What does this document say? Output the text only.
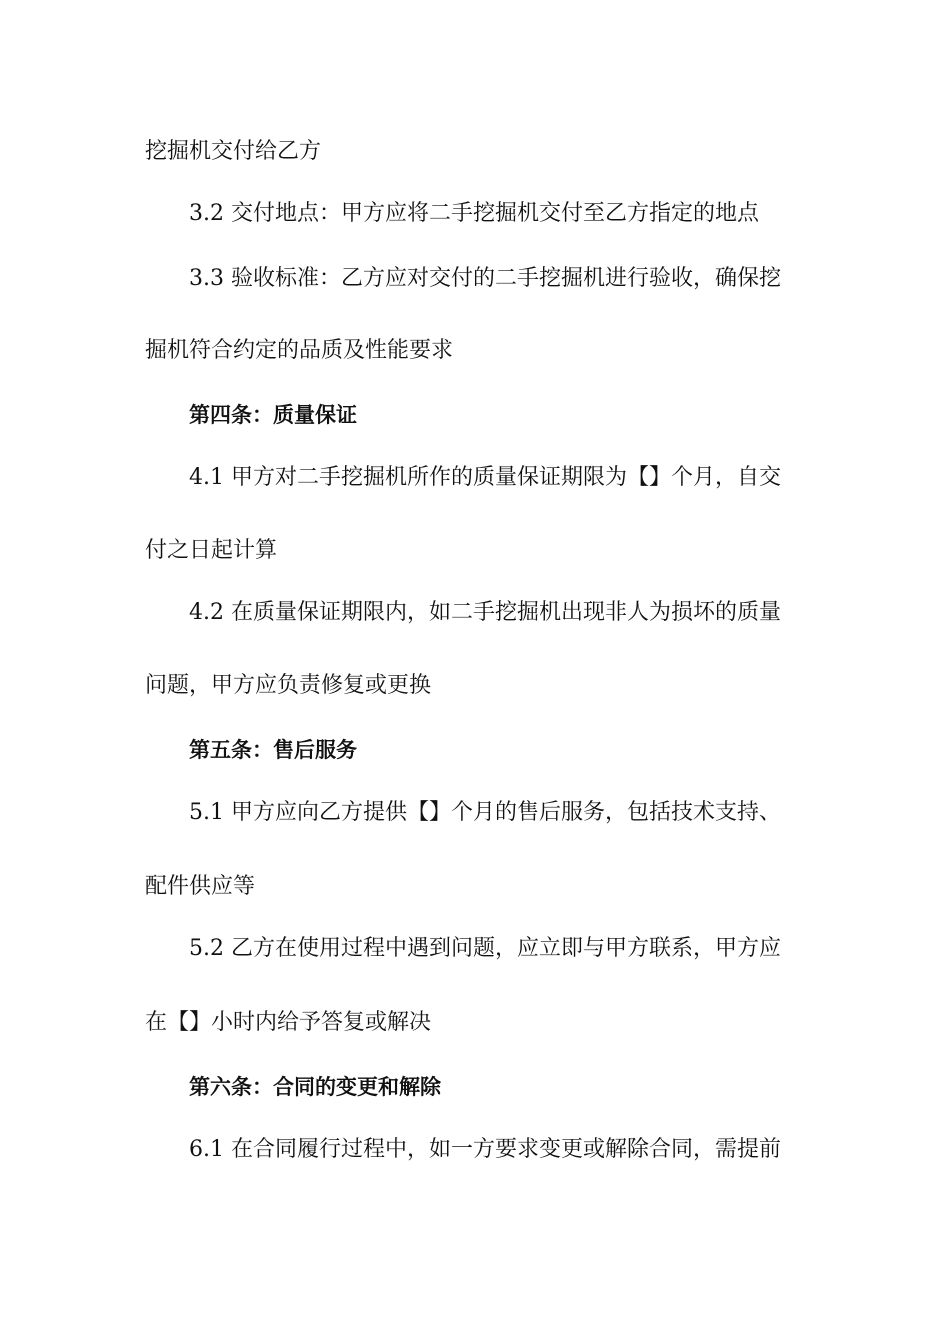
挖掘机交付给乙方
3.2 交付地点：甲方应将二手挖掘机交付至乙方指定的地点
3.3 验收标准：乙方应对交付的二手挖掘机进行验收，确保挖
掘机符合约定的品质及性能要求
第四条：质量保证
4.1 甲方对二手挖掘机所作的质量保证期限为【】个月，自交
付之日起计算
4.2 在质量保证期限内，如二手挖掘机出现非人为损坏的质量
问题，甲方应负责修复或更换
第五条：售后服务
5.1 甲方应向乙方提供【】个月的售后服务，包括技术支持、
配件供应等
5.2 乙方在使用过程中遇到问题，应立即与甲方联系，甲方应
在【】小时内给予答复或解决
第六条：合同的变更和解除
6.1 在合同履行过程中，如一方要求变更或解除合同，需提前
